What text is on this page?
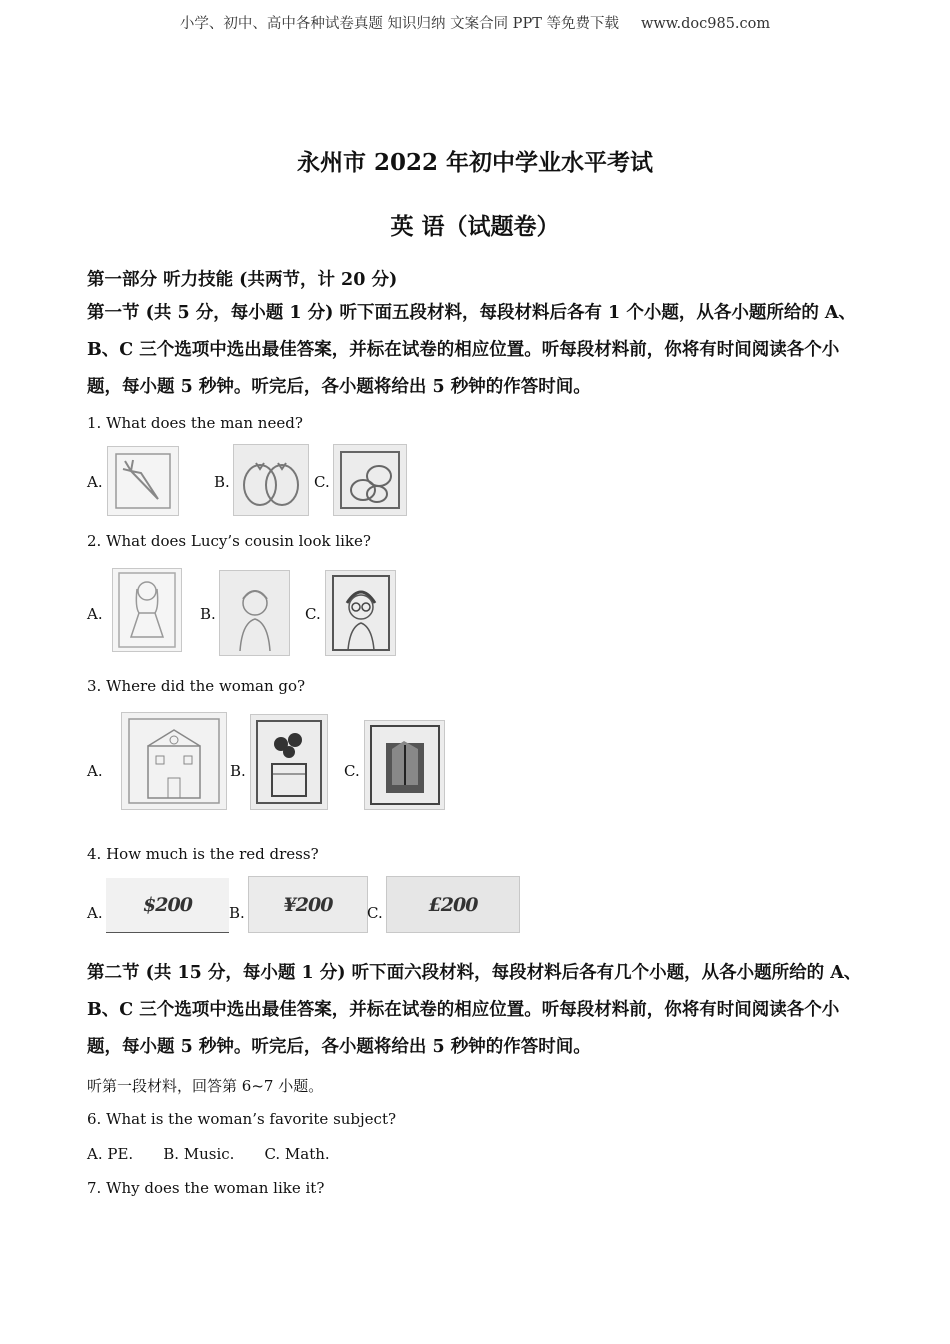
小学、初中、高中各种试卷真题 知识归纳 文案合同 PPT 等免费下载 www.doc985.com
永州市 2022 年初中学业水平考试
英 语（试题卷）
第一部分 听力技能 (共两节，计 20 分)
第一节 (共 5 分，每小题 1 分) 听下面五段材料，每段材料后各有 1 个小题，从各小题所给的 A、B、C 三个选项中选出最佳答案，并标在试卷的相应位置。听每段材料前，你将有时间阅读各个小题，每小题 5 秒钟。听完后，各小题将给出 5 秒钟的作答时间。
1. What does the man need?
A.	B.	C.
2. What does Lucy’s cousin look like?
A.	B.	C.
3. Where did the woman go?
A.	B.	C.
4. How much is the red dress?
A. $200 B. ¥200 C. £200
第二节 (共 15 分，每小题 1 分) 听下面六段材料，每段材料后各有几个小题，从各小题所给的 A、B、C 三个选项中选出最佳答案，并标在试卷的相应位置。听每段材料前，你将有时间阅读各个小题，每小题 5 秒钟。听完后，各小题将给出 5 秒钟的作答时间。
听第一段材料，回答第 6~7 小题。
6. What is the woman’s favorite subject?
A. PE. B. Music. C. Math.
7. Why does the woman like it?
